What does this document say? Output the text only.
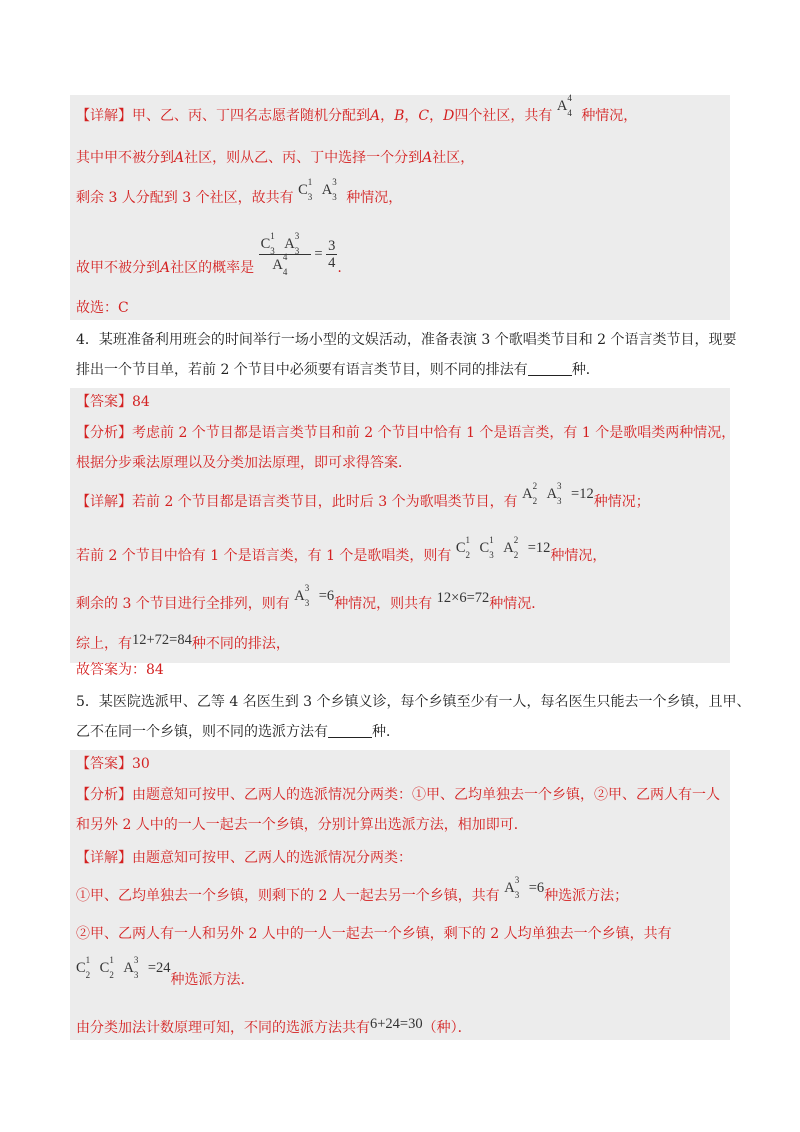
【详解】甲、乙、丙、丁四名志愿者随机分配到A，B，C，D四个社区，共有 A 4
4 种情况，
其中甲不被分到A社区，则从乙、丙、丁中选择一个分到A社区，
剩余 3 人分配到 3 个社区，故共有 C 1
3 A 3
3 种情况，
故甲不被分到A社区的概率是 C 1
3 A 3
3
A 4
$4 = \frac{3}{4}$ .
故选：C
4．某班准备利用班会的时间举行一场小型的文娱活动，准备表演 3 个歌唱类节目和 2 个语言类节目，现要
排出一个节目单，若前 2 个节目中必须要有语言类节目，则不同的排法有	种．
【答案】84
【分析】考虑前 2 个节目都是语言类节目和前 2 个节目中恰有 1 个是语言类，有 1 个是歌唱类两种情况，
根据分步乘法原理以及分类加法原理，即可求得答案．
【详解】若前 2 个节目都是语言类节目，此时后 3 个为歌唱类节目，有 A 2
2 A 3
3 =12种情况；
若前 2 个节目中恰有 1 个是语言类，有 1 个是歌唱类，则有 C 1
2 C 1
3 A 2
2 =12种情况，
剩余的 3 个节目进行全排列，则有 A 3
3 =6种情况，则共有 12×6=72种情况．
综上，有12+72=84种不同的排法，
故答案为：84
5．某医院选派甲、乙等 4 名医生到 3 个乡镇义诊，每个乡镇至少有一人，每名医生只能去一个乡镇，且甲、
乙不在同一个乡镇，则不同的选派方法有	种．
【答案】30
【分析】由题意知可按甲、乙两人的选派情况分两类：①甲、乙均单独去一个乡镇，②甲、乙两人有一人
和另外 2 人中的一人一起去一个乡镇，分别计算出选派方法，相加即可．
【详解】由题意知可按甲、乙两人的选派情况分两类：
①甲、乙均单独去一个乡镇，则剩下的 2 人一起去另一个乡镇，共有 A 3
3 =6种选派方法；
②甲、乙两人有一人和另外 2 人中的一人一起去一个乡镇，剩下的 2 人均单独去一个乡镇，共有
C 1
2 C 1
2 A 3
3 =24种选派方法．
由分类加法计数原理可知，不同的选派方法共有6+24=30（种）．
